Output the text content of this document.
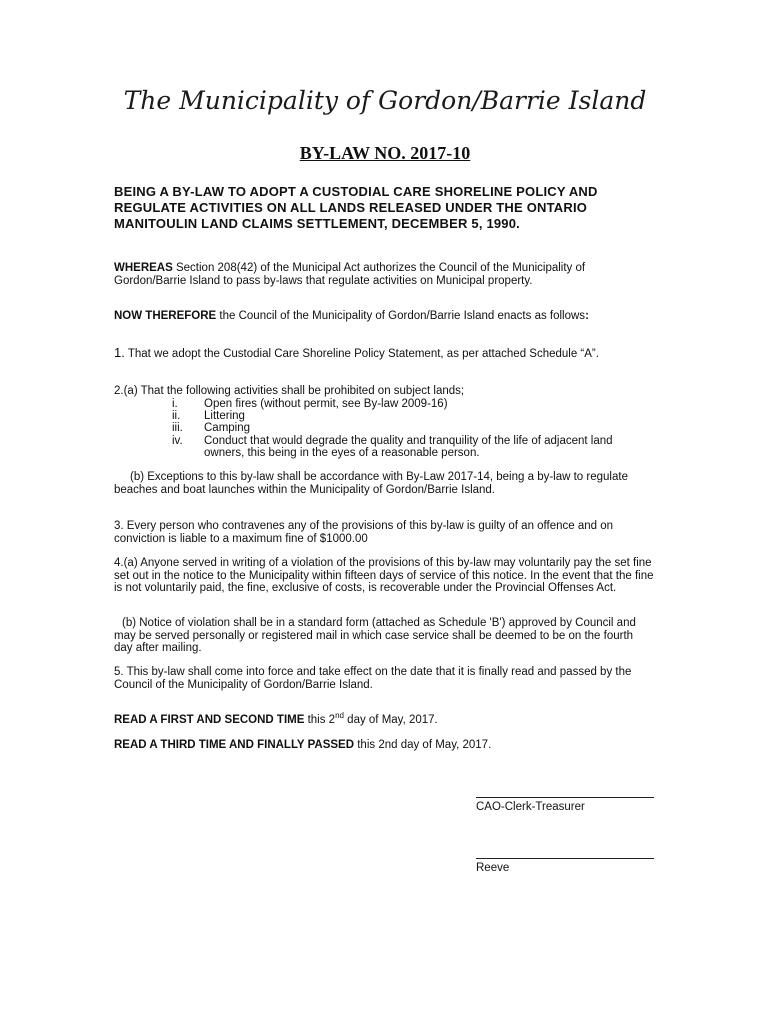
The Municipality of Gordon/Barrie Island
BY-LAW NO. 2017-10
BEING A BY-LAW TO ADOPT A CUSTODIAL CARE SHORELINE POLICY AND REGULATE ACTIVITIES ON ALL LANDS RELEASED UNDER THE ONTARIO MANITOULIN LAND CLAIMS SETTLEMENT, DECEMBER 5, 1990.
WHEREAS Section 208(42) of the Municipal Act authorizes the Council of the Municipality of Gordon/Barrie Island to pass by-laws that regulate activities on Municipal property.
NOW THEREFORE the Council of the Municipality of Gordon/Barrie Island enacts as follows:
1. That we adopt the Custodial Care Shoreline Policy Statement, as per attached Schedule “A”.
2.(a) That the following activities shall be prohibited on subject lands;
i.	Open fires (without permit, see By-law 2009-16)
ii.	Littering
iii.	Camping
iv.	Conduct that would degrade the quality and tranquility of the life of adjacent land owners, this being in the eyes of a reasonable person.
(b) Exceptions to this by-law shall be accordance with By-Law 2017-14, being a by-law to regulate beaches and boat launches within the Municipality of Gordon/Barrie Island.
3. Every person who contravenes any of the provisions of this by-law is guilty of an offence and on conviction is liable to a maximum fine of $1000.00
4.(a) Anyone served in writing of a violation of the provisions of this by-law may voluntarily pay the set fine set out in the notice to the Municipality within fifteen days of service of this notice. In the event that the fine is not voluntarily paid, the fine, exclusive of costs, is recoverable under the Provincial Offenses Act.
(b) Notice of violation shall be in a standard form (attached as Schedule 'B') approved by Council and may be served personally or registered mail in which case service shall be deemed to be on the fourth day after mailing.
5. This by-law shall come into force and take effect on the date that it is finally read and passed by the Council of the Municipality of Gordon/Barrie Island.
READ A FIRST AND SECOND TIME this 2nd day of May, 2017.
READ A THIRD TIME AND FINALLY PASSED this 2nd day of May, 2017.
CAO-Clerk-Treasurer
Reeve
